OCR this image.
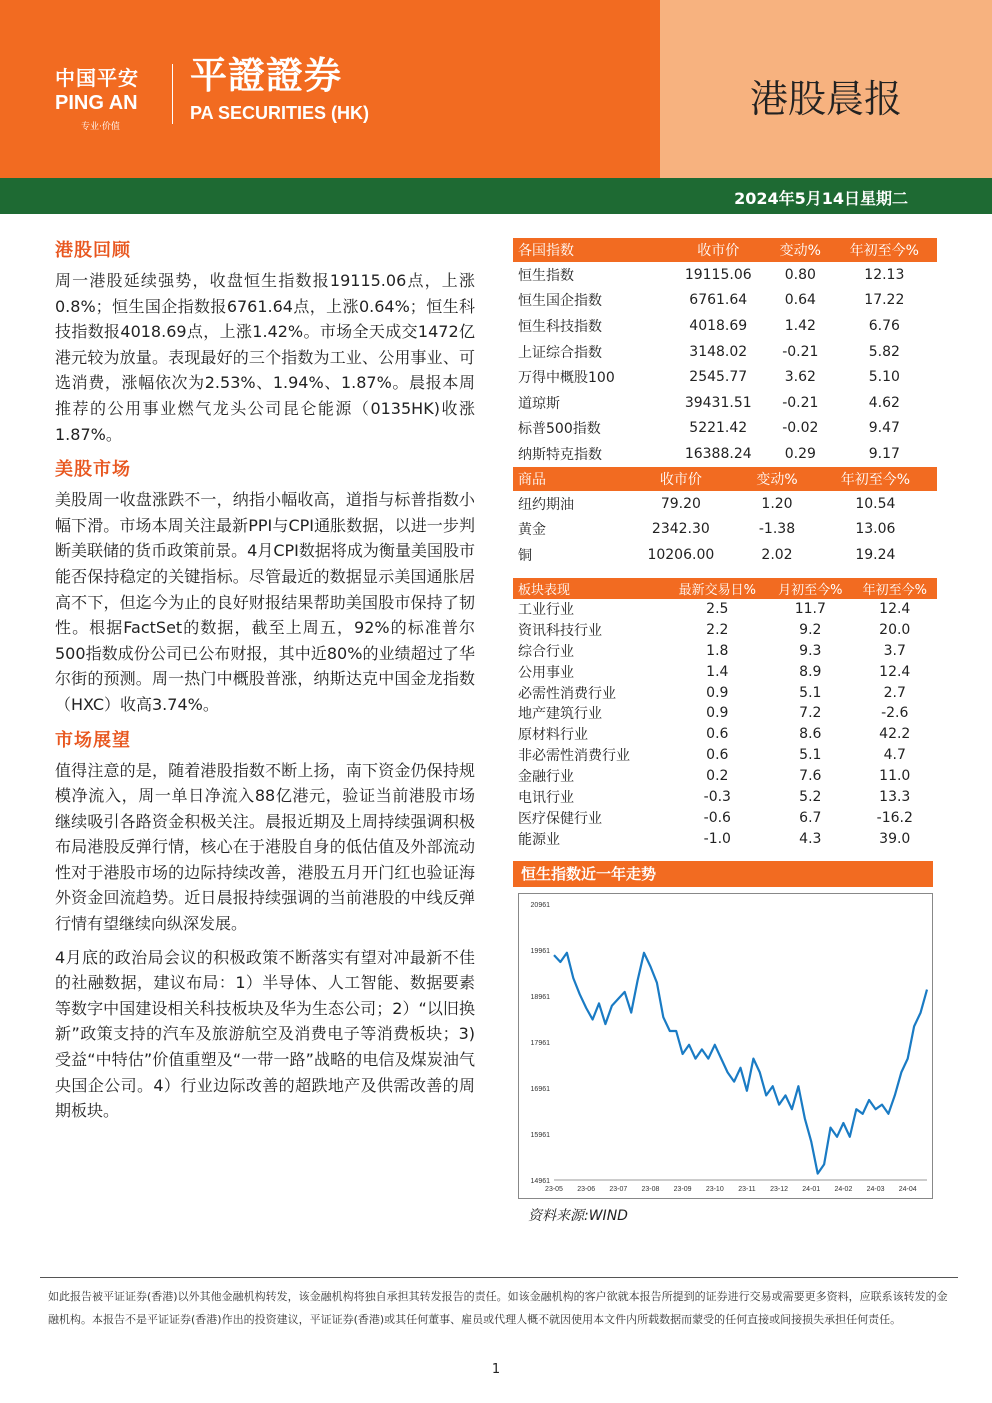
中国平安
PING AN
专业·价值
平證證券
PA SECURITIES (HK)	港股晨报
2024年5月14日星期二
港股回顾

周一港股延续强势，收盘恒生指数报19115.06点，上涨0.8%；恒生国企指数报6761.64点，上涨0.64%；恒生科技指数报4018.69点，上涨1.42%。市场全天成交1472亿港元较为放量。表现最好的三个指数为工业、公用事业、可选消费，涨幅依次为2.53%、1.94%、1.87%。晨报本周推荐的公用事业燃气龙头公司昆仑能源（0135HK)收涨1.87%。

美股市场

美股周一收盘涨跌不一，纳指小幅收高，道指与标普指数小幅下滑。市场本周关注最新PPI与CPI通胀数据，以进一步判断美联储的货币政策前景。4月CPI数据将成为衡量美国股市能否保持稳定的关键指标。尽管最近的数据显示美国通胀居高不下，但迄今为止的良好财报结果帮助美国股市保持了韧性。根据FactSet的数据，截至上周五，92%的标准普尔500指数成份公司已公布财报，其中近80%的业绩超过了华尔街的预测。周一热门中概股普涨，纳斯达克中国金龙指数（HXC）收高3.74%。

市场展望

值得注意的是，随着港股指数不断上扬，南下资金仍保持规模净流入，周一单日净流入88亿港元，验证当前港股市场继续吸引各路资金积极关注。晨报近期及上周持续强调积极布局港股反弹行情，核心在于港股自身的低估值及外部流动性对于港股市场的边际持续改善，港股五月开门红也验证海外资金回流趋势。近日晨报持续强调的当前港股的中线反弹行情有望继续向纵深发展。

4月底的政治局会议的积极政策不断落实有望对冲最新不佳的社融数据，建议布局：1）半导体、人工智能、数据要素等数字中国建设相关科技板块及华为生态公司；2）“以旧换新”政策支持的汽车及旅游航空及消费电子等消费板块；3)受益“中特估”价值重塑及“一带一路”战略的电信及煤炭油气央国企公司。4）行业边际改善的超跌地产及供需改善的周期板块。

各国指数	收市价	变动%	年初至今%
恒生指数	19115.06	0.80	12.13
恒生国企指数	6761.64	0.64	17.22
恒生科技指数	4018.69	1.42	6.76
上证综合指数	3148.02	-0.21	5.82
万得中概股100	2545.77	3.62	5.10
道琼斯	39431.51	-0.21	4.62
标普500指数	5221.42	-0.02	9.47
纳斯特克指数	16388.24	0.29	9.17
商品	收市价	变动%	年初至今%
纽约期油	79.20	1.20	10.54
黄金	2342.30	-1.38	13.06
铜	10206.00	2.02	19.24
板块表现	最新交易日%	月初至今%	年初至今%
工业行业	2.5	11.7	12.4
资讯科技行业	2.2	9.2	20.0
综合行业	1.8	9.3	3.7
公用事业	1.4	8.9	12.4
必需性消费行业	0.9	5.1	2.7
地产建筑行业	0.9	7.2	-2.6
原材料行业	0.6	8.6	42.2
非必需性消费行业	0.6	5.1	4.7
金融行业	0.2	7.6	11.0
电讯行业	-0.3	5.2	13.3
医疗保健行业	-0.6	6.7	-16.2
能源业	-1.0	4.3	39.0
恒生指数近一年走势
14961
15961
16961
17961
18961
19961
20961
23-05 23-06 23-07 23-08 23-09 23-10 23-11 23-12 24-01 24-02 24-03 24-04
资料来源:WIND
如此报告被平证证券(香港)以外其他金融机构转发，该金融机构将独自承担其转发报告的责任。如该金融机构的客户欲就本报告所提到的证券进行交易或需要更多资料，应联系该转发的金融机构。本报告不是平证证券(香港)作出的投资建议，平证证券(香港)或其任何董事、雇员或代理人概不就因使用本文件内所载数据而蒙受的任何直接或间接损失承担任何责任。
1
